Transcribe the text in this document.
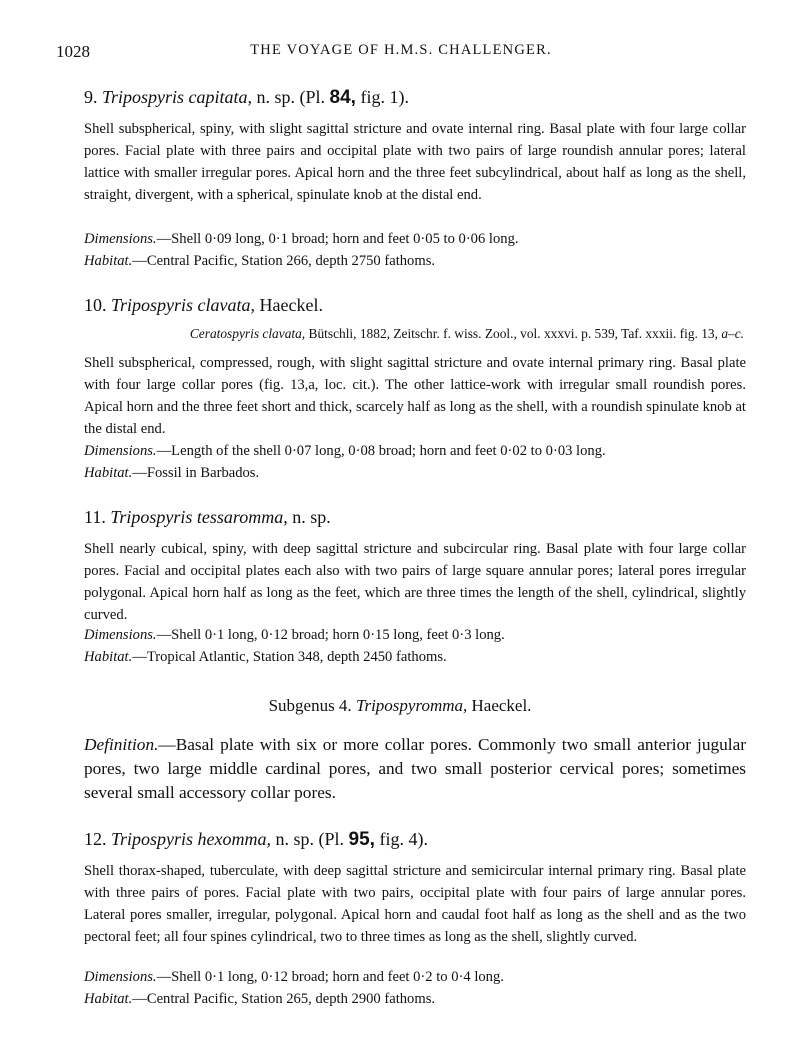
1028	THE VOYAGE OF H.M.S. CHALLENGER.
9. Tripospyris capitata, n. sp. (Pl. 84, fig. 1).
Shell subspherical, spiny, with slight sagittal stricture and ovate internal ring. Basal plate with four large collar pores. Facial plate with three pairs and occipital plate with two pairs of large roundish annular pores; lateral lattice with smaller irregular pores. Apical horn and the three feet subcylindrical, about half as long as the shell, straight, divergent, with a spherical, spinulate knob at the distal end.
Dimensions.—Shell 0·09 long, 0·1 broad; horn and feet 0·05 to 0·06 long.
Habitat.—Central Pacific, Station 266, depth 2750 fathoms.
10. Tripospyris clavata, Haeckel.
Ceratospyris clavata, Bütschli, 1882, Zeitschr. f. wiss. Zool., vol. xxxvi. p. 539, Taf. xxxii. fig. 13, a–c.
Shell subspherical, compressed, rough, with slight sagittal stricture and ovate internal primary ring. Basal plate with four large collar pores (fig. 13,a, loc. cit.). The other lattice-work with irregular small roundish pores. Apical horn and the three feet short and thick, scarcely half as long as the shell, with a roundish spinulate knob at the distal end.
Dimensions.—Length of the shell 0·07 long, 0·08 broad; horn and feet 0·02 to 0·03 long.
Habitat.—Fossil in Barbados.
11. Tripospyris tessaromma, n. sp.
Shell nearly cubical, spiny, with deep sagittal stricture and subcircular ring. Basal plate with four large collar pores. Facial and occipital plates each also with two pairs of large square annular pores; lateral pores irregular polygonal. Apical horn half as long as the feet, which are three times the length of the shell, cylindrical, slightly curved.
Dimensions.—Shell 0·1 long, 0·12 broad; horn 0·15 long, feet 0·3 long.
Habitat.—Tropical Atlantic, Station 348, depth 2450 fathoms.
Subgenus 4. Tripospyromma, Haeckel.
Definition.—Basal plate with six or more collar pores. Commonly two small anterior jugular pores, two large middle cardinal pores, and two small posterior cervical pores; sometimes several small accessory collar pores.
12. Tripospyris hexomma, n. sp. (Pl. 95, fig. 4).
Shell thorax-shaped, tuberculate, with deep sagittal stricture and semicircular internal primary ring. Basal plate with three pairs of pores. Facial plate with two pairs, occipital plate with four pairs of large annular pores. Lateral pores smaller, irregular, polygonal. Apical horn and caudal foot half as long as the shell and as the two pectoral feet; all four spines cylindrical, two to three times as long as the shell, slightly curved.
Dimensions.—Shell 0·1 long, 0·12 broad; horn and feet 0·2 to 0·4 long.
Habitat.—Central Pacific, Station 265, depth 2900 fathoms.
